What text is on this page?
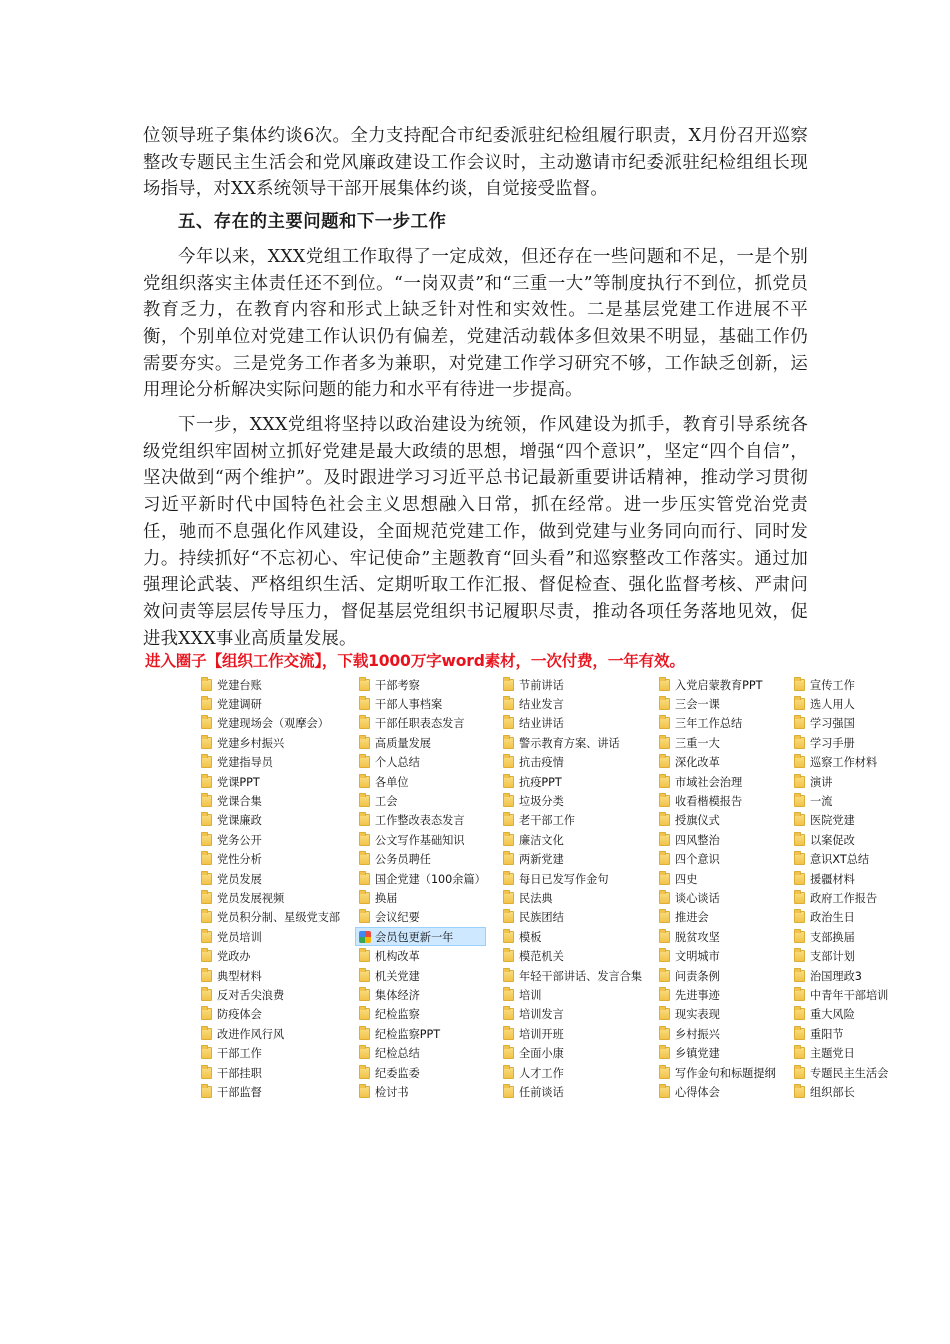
位领导班子集体约谈6次。全力支持配合市纪委派驻纪检组履行职责，X月份召开巡察整改专题民主生活会和党风廉政建设工作会议时，主动邀请市纪委派驻纪检组组长现场指导，对XX系统领导干部开展集体约谈，自觉接受监督。

五、存在的主要问题和下一步工作

今年以来，XXX党组工作取得了一定成效，但还存在一些问题和不足，一是个别党组织落实主体责任还不到位。“一岗双责”和“三重一大”等制度执行不到位，抓党员教育乏力，在教育内容和形式上缺乏针对性和实效性。二是基层党建工作进展不平衡，个别单位对党建工作认识仍有偏差，党建活动载体多但效果不明显，基础工作仍需要夯实。三是党务工作者多为兼职，对党建工作学习研究不够，工作缺乏创新，运用理论分析解决实际问题的能力和水平有待进一步提高。

下一步，XXX党组将坚持以政治建设为统领，作风建设为抓手，教育引导系统各级党组织牢固树立抓好党建是最大政绩的思想，增强“四个意识”，坚定“四个自信”，坚决做到“两个维护”。及时跟进学习习近平总书记最新重要讲话精神，推动学习贯彻习近平新时代中国特色社会主义思想融入日常，抓在经常。进一步压实管党治党责任，驰而不息强化作风建设，全面规范党建工作，做到党建与业务同向而行、同时发力。持续抓好“不忘初心、牢记使命”主题教育“回头看”和巡察整改工作落实。通过加强理论武装、严格组织生活、定期听取工作汇报、督促检查、强化监督考核、严肃问效问责等层层传导压力，督促基层党组织书记履职尽责，推动各项任务落地见效，促进我XXX事业高质量发展。

进入圈子【组织工作交流】，下载1000万字word素材，一次付费，一年有效。
党建台账
党建调研
党建现场会（观摩会）
党建乡村振兴
党建指导员
党课PPT
党课合集
党课廉政
党务公开
党性分析
党员发展
党员发展视频
党员积分制、星级党支部
党员培训
党政办
典型材料
反对舌尖浪费
防疫体会
改进作风行风
干部工作
干部挂职
干部监督
干部考察
干部人事档案
干部任职表态发言
高质量发展
个人总结
各单位
工会
工作整改表态发言
公文写作基础知识
公务员聘任
国企党建（100余篇）
换届
会议纪要
会员包更新一年
机构改革
机关党建
集体经济
纪检监察
纪检监察PPT
纪检总结
纪委监委
检讨书
节前讲话
结业发言
结业讲话
警示教育方案、讲话
抗击疫情
抗疫PPT
垃圾分类
老干部工作
廉洁文化
两新党建
每日已发写作金句
民法典
民族团结
模板
模范机关
年轻干部讲话、发言合集
培训
培训发言
培训开班
全面小康
人才工作
任前谈话
入党启蒙教育PPT
三会一课
三年工作总结
三重一大
深化改革
市域社会治理
收看楷模报告
授旗仪式
四风整治
四个意识
四史
谈心谈话
推进会
脱贫攻坚
文明城市
问责条例
先进事迹
现实表现
乡村振兴
乡镇党建
写作金句和标题提纲
心得体会
宣传工作
选人用人
学习强国
学习手册
巡察工作材料
演讲
一流
医院党建
以案促改
意识XT总结
援疆材料
政府工作报告
政治生日
支部换届
支部计划
治国理政3
中青年干部培训
重大风险
重阳节
主题党日
专题民主生活会
组织部长
